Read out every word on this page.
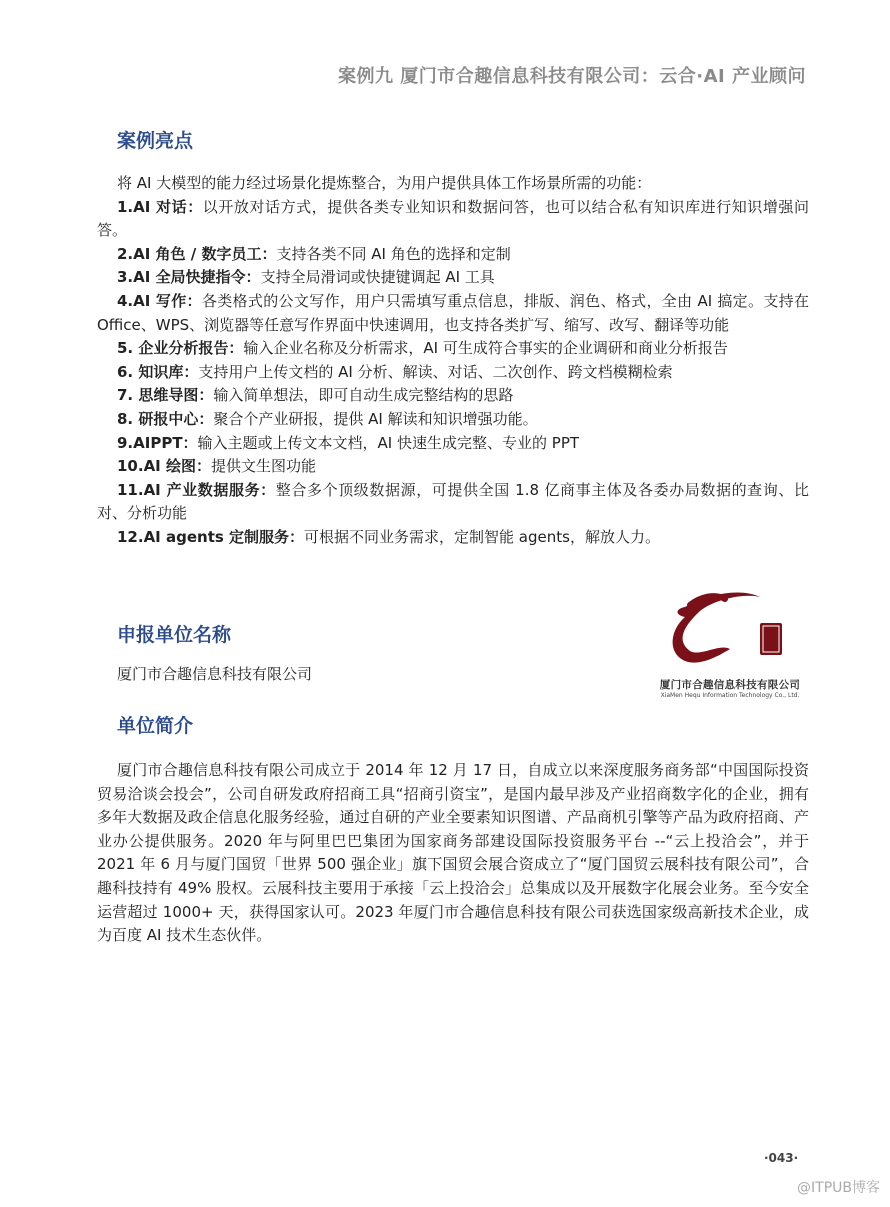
案例九 厦门市合趣信息科技有限公司：云合·AI 产业顾问
案例亮点

将 AI 大模型的能力经过场景化提炼整合，为用户提供具体工作场景所需的功能：

1.AI 对话：以开放对话方式，提供各类专业知识和数据问答，也可以结合私有知识库进行知识增强问答。

2.AI 角色 / 数字员工：支持各类不同 AI 角色的选择和定制

3.AI 全局快捷指令：支持全局滑词或快捷键调起 AI 工具

4.AI 写作：各类格式的公文写作，用户只需填写重点信息，排版、润色、格式，全由 AI 搞定。支持在 Office、WPS、浏览器等任意写作界面中快速调用，也支持各类扩写、缩写、改写、翻译等功能

5. 企业分析报告：输入企业名称及分析需求，AI 可生成符合事实的企业调研和商业分析报告

6. 知识库：支持用户上传文档的 AI 分析、解读、对话、二次创作、跨文档模糊检索

7. 思维导图：输入简单想法，即可自动生成完整结构的思路

8. 研报中心：聚合个产业研报，提供 AI 解读和知识增强功能。

9.AIPPT：输入主题或上传文本文档，AI 快速生成完整、专业的 PPT

10.AI 绘图：提供文生图功能

11.AI 产业数据服务：整合多个顶级数据源，可提供全国 1.8 亿商事主体及各委办局数据的查询、比对、分析功能

12.AI agents 定制服务：可根据不同业务需求，定制智能 agents，解放人力。

申报单位名称

厦门市合趣信息科技有限公司

厦门市合趣信息科技有限公司
XiaMen Hequ Information Technology Co., Ltd.
单位简介

厦门市合趣信息科技有限公司成立于 2014 年 12 月 17 日，自成立以来深度服务商务部“中国国际投资贸易洽谈会投会”，公司自研发政府招商工具“招商引资宝”，是国内最早涉及产业招商数字化的企业，拥有多年大数据及政企信息化服务经验，通过自研的产业全要素知识图谱、产品商机引擎等产品为政府招商、产业办公提供服务。2020 年与阿里巴巴集团为国家商务部建设国际投资服务平台 --“云上投洽会”，并于 2021 年 6 月与厦门国贸「世界 500 强企业」旗下国贸会展合资成立了“厦门国贸云展科技有限公司”，合趣科技持有 49% 股权。云展科技主要用于承接「云上投洽会」总集成以及开展数字化展会业务。至今安全运营超过 1000+ 天，获得国家认可。2023 年厦门市合趣信息科技有限公司获选国家级高新技术企业，成为百度 AI 技术生态伙伴。

·043·
@ITPUB博客
